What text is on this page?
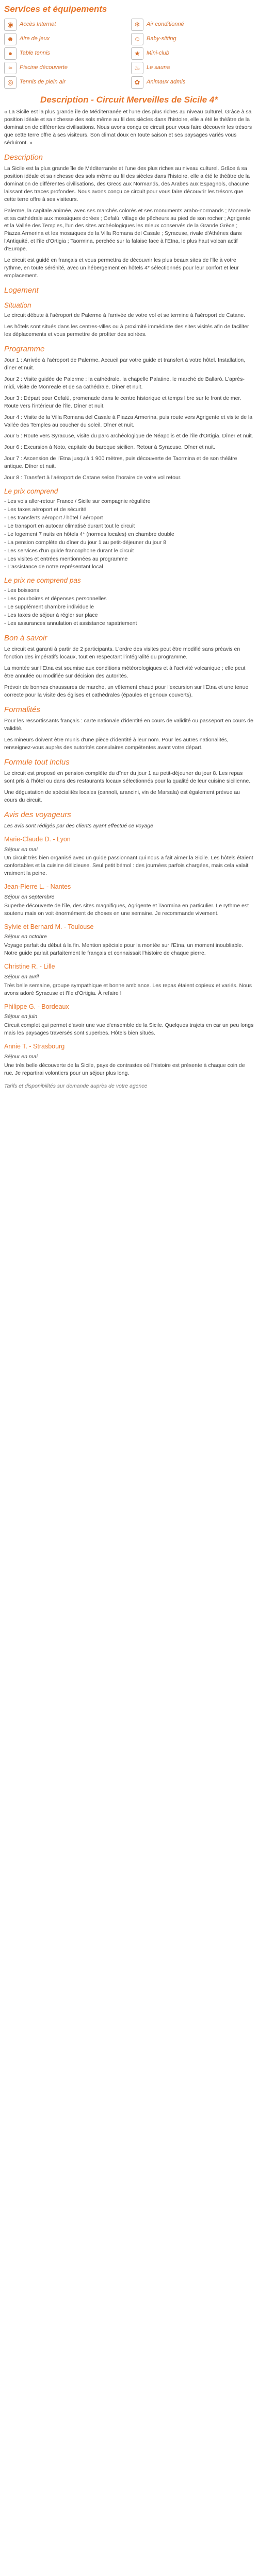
Services et équipements
◉	Accès Internet	❄	Air conditionné
☻	Aire de jeux	☺	Baby-sitting
●	Table tennis	★	Mini-club
≈	Piscine découverte	♨	Le sauna
◎	Tennis de plein air	✿	Animaux admis
Description - Circuit Merveilles de Sicile 4*

« La Sicile est la plus grande île de Méditerranée et l'une des plus riches au niveau culturel. Grâce à sa position idéale et sa richesse des sols même au fil des siècles dans l'histoire, elle a été le théâtre de la domination de différentes civilisations. Nous avons conçu ce circuit pour vous faire découvrir les trésors que cette terre offre à ses visiteurs. Son climat doux en toute saison et ses paysages variés vous séduiront. »

Description

La Sicile est la plus grande île de Méditerranée et l'une des plus riches au niveau culturel. Grâce à sa position idéale et sa richesse des sols même au fil des siècles dans l'histoire, elle a été le théâtre de la domination de différentes civilisations, des Grecs aux Normands, des Arabes aux Espagnols, chacune laissant des traces profondes. Nous avons conçu ce circuit pour vous faire découvrir les trésors que cette terre offre à ses visiteurs.

Palerme, la capitale animée, avec ses marchés colorés et ses monuments arabo-normands ; Monreale et sa cathédrale aux mosaïques dorées ; Cefalù, village de pêcheurs au pied de son rocher ; Agrigente et la Vallée des Temples, l'un des sites archéologiques les mieux conservés de la Grande Grèce ; Piazza Armerina et les mosaïques de la Villa Romana del Casale ; Syracuse, rivale d'Athènes dans l'Antiquité, et l'île d'Ortigia ; Taormina, perchée sur la falaise face à l'Etna, le plus haut volcan actif d'Europe.

Le circuit est guidé en français et vous permettra de découvrir les plus beaux sites de l'île à votre rythme, en toute sérénité, avec un hébergement en hôtels 4* sélectionnés pour leur confort et leur emplacement.

Logement
Situation

Le circuit débute à l'aéroport de Palerme à l'arrivée de votre vol et se termine à l'aéroport de Catane.

Les hôtels sont situés dans les centres-villes ou à proximité immédiate des sites visités afin de faciliter les déplacements et vous permettre de profiter des soirées.

Programme

Jour 1 : Arrivée à l'aéroport de Palerme. Accueil par votre guide et transfert à votre hôtel. Installation, dîner et nuit.

Jour 2 : Visite guidée de Palerme : la cathédrale, la chapelle Palatine, le marché de Ballarò. L'après-midi, visite de Monreale et de sa cathédrale. Dîner et nuit.

Jour 3 : Départ pour Cefalù, promenade dans le centre historique et temps libre sur le front de mer. Route vers l'intérieur de l'île. Dîner et nuit.

Jour 4 : Visite de la Villa Romana del Casale à Piazza Armerina, puis route vers Agrigente et visite de la Vallée des Temples au coucher du soleil. Dîner et nuit.

Jour 5 : Route vers Syracuse, visite du parc archéologique de Néapolis et de l'île d'Ortigia. Dîner et nuit.

Jour 6 : Excursion à Noto, capitale du baroque sicilien. Retour à Syracuse. Dîner et nuit.

Jour 7 : Ascension de l'Etna jusqu'à 1 900 mètres, puis découverte de Taormina et de son théâtre antique. Dîner et nuit.

Jour 8 : Transfert à l'aéroport de Catane selon l'horaire de votre vol retour.

Le prix comprend
- Les vols aller-retour France / Sicile sur compagnie régulière
- Les taxes aéroport et de sécurité
- Les transferts aéroport / hôtel / aéroport
- Le transport en autocar climatisé durant tout le circuit
- Le logement 7 nuits en hôtels 4* (normes locales) en chambre double
- La pension complète du dîner du jour 1 au petit-déjeuner du jour 8
- Les services d'un guide francophone durant le circuit
- Les visites et entrées mentionnées au programme
- L'assistance de notre représentant local
Le prix ne comprend pas
- Les boissons
- Les pourboires et dépenses personnelles
- Le supplément chambre individuelle
- Les taxes de séjour à régler sur place
- Les assurances annulation et assistance rapatriement
Bon à savoir

Le circuit est garanti à partir de 2 participants. L'ordre des visites peut être modifié sans préavis en fonction des impératifs locaux, tout en respectant l'intégralité du programme.

La montée sur l'Etna est soumise aux conditions météorologiques et à l'activité volcanique ; elle peut être annulée ou modifiée sur décision des autorités.

Prévoir de bonnes chaussures de marche, un vêtement chaud pour l'excursion sur l'Etna et une tenue correcte pour la visite des églises et cathédrales (épaules et genoux couverts).

Formalités

Pour les ressortissants français : carte nationale d'identité en cours de validité ou passeport en cours de validité.

Les mineurs doivent être munis d'une pièce d'identité à leur nom. Pour les autres nationalités, renseignez-vous auprès des autorités consulaires compétentes avant votre départ.

Formule tout inclus

Le circuit est proposé en pension complète du dîner du jour 1 au petit-déjeuner du jour 8. Les repas sont pris à l'hôtel ou dans des restaurants locaux sélectionnés pour la qualité de leur cuisine sicilienne.

Une dégustation de spécialités locales (cannoli, arancini, vin de Marsala) est également prévue au cours du circuit.

Avis des voyageurs

Les avis sont rédigés par des clients ayant effectué ce voyage

Marie-Claude D. - Lyon
Séjour en mai

Un circuit très bien organisé avec un guide passionnant qui nous a fait aimer la Sicile. Les hôtels étaient confortables et la cuisine délicieuse. Seul petit bémol : des journées parfois chargées, mais cela valait vraiment la peine.

Jean-Pierre L. - Nantes
Séjour en septembre

Superbe découverte de l'île, des sites magnifiques, Agrigente et Taormina en particulier. Le rythme est soutenu mais on voit énormément de choses en une semaine. Je recommande vivement.

Sylvie et Bernard M. - Toulouse
Séjour en octobre

Voyage parfait du début à la fin. Mention spéciale pour la montée sur l'Etna, un moment inoubliable. Notre guide parlait parfaitement le français et connaissait l'histoire de chaque pierre.

Christine R. - Lille
Séjour en avril

Très belle semaine, groupe sympathique et bonne ambiance. Les repas étaient copieux et variés. Nous avons adoré Syracuse et l'île d'Ortigia. À refaire !

Philippe G. - Bordeaux
Séjour en juin

Circuit complet qui permet d'avoir une vue d'ensemble de la Sicile. Quelques trajets en car un peu longs mais les paysages traversés sont superbes. Hôtels bien situés.

Annie T. - Strasbourg
Séjour en mai

Une très belle découverte de la Sicile, pays de contrastes où l'histoire est présente à chaque coin de rue. Je repartirai volontiers pour un séjour plus long.

Tarifs et disponibilités sur demande auprès de votre agence
